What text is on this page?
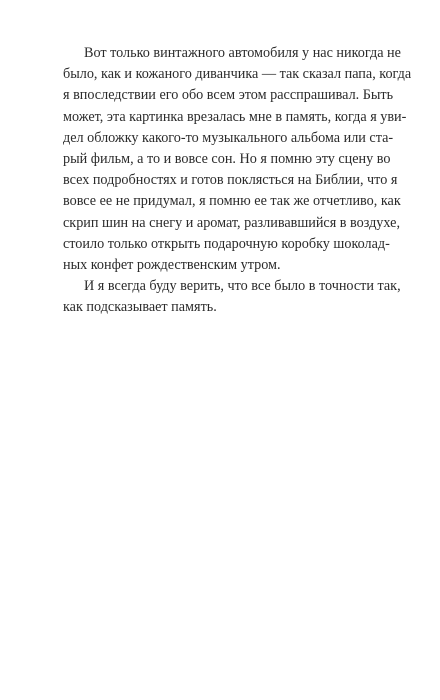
Вот только винтажного автомобиля у нас никогда не
было, как и кожаного диванчика — так сказал папа, когда
я впоследствии его обо всем этом расспрашивал. Быть
может, эта картинка врезалась мне в память, когда я уви-
дел обложку какого-то музыкального альбома или ста-
рый фильм, а то и вовсе сон. Но я помню эту сцену во
всех подробностях и готов поклясться на Библии, что я
вовсе ее не придумал, я помню ее так же отчетливо, как
скрип шин на снегу и аромат, разливавшийся в воздухе,
стоило только открыть подарочную коробку шоколад-
ных конфет рождественским утром.
И я всегда буду верить, что все было в точности так,
как подсказывает память.
